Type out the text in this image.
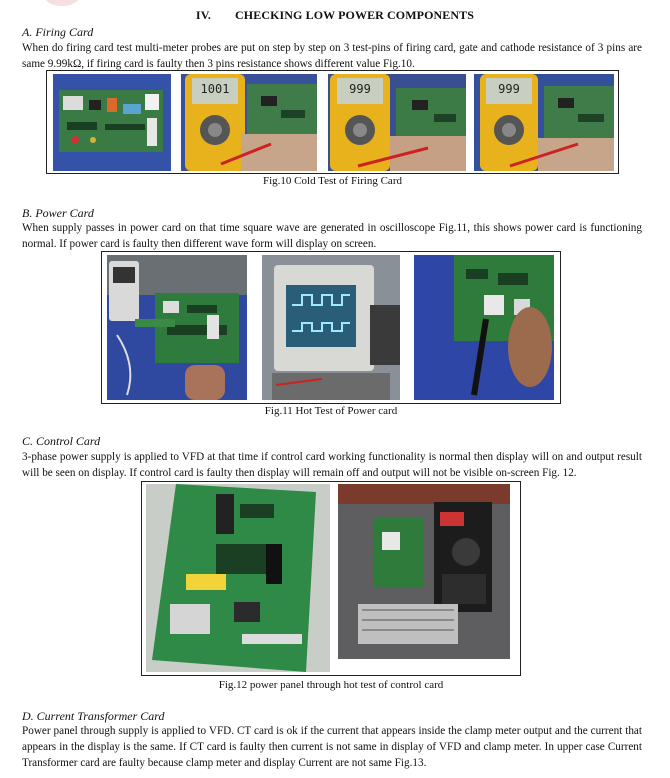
IV. CHECKING LOW POWER COMPONENTS
A. Firing Card
When do firing card test multi-meter probes are put on step by step on 3 test-pins of firing card, gate and cathode resistance of 3 pins are same 9.99kΩ, if firing card is faulty then 3 pins resistance shows different value Fig.10.
1001	999	999
Fig.10 Cold Test of Firing Card
B. Power Card
When supply passes in power card on that time square wave are generated in oscilloscope Fig.11, this shows power card is functioning normal. If power card is faulty then different wave form will display on screen.
Fig.11 Hot Test of Power card
C. Control Card
3-phase power supply is applied to VFD at that time if control card working functionality is normal then display will on and output result will be seen on display. If control card is faulty then display will remain off and output will not be visible on-screen Fig. 12.
Fig.12 power panel through hot test of control card
D. Current Transformer Card
Power panel through supply is applied to VFD. CT card is ok if the current that appears inside the clamp meter output and the current that appears in the display is the same. If CT card is faulty then current is not same in display of VFD and clamp meter. In upper case Current Transformer card are faulty because clamp meter and display Current are not same Fig.13.
